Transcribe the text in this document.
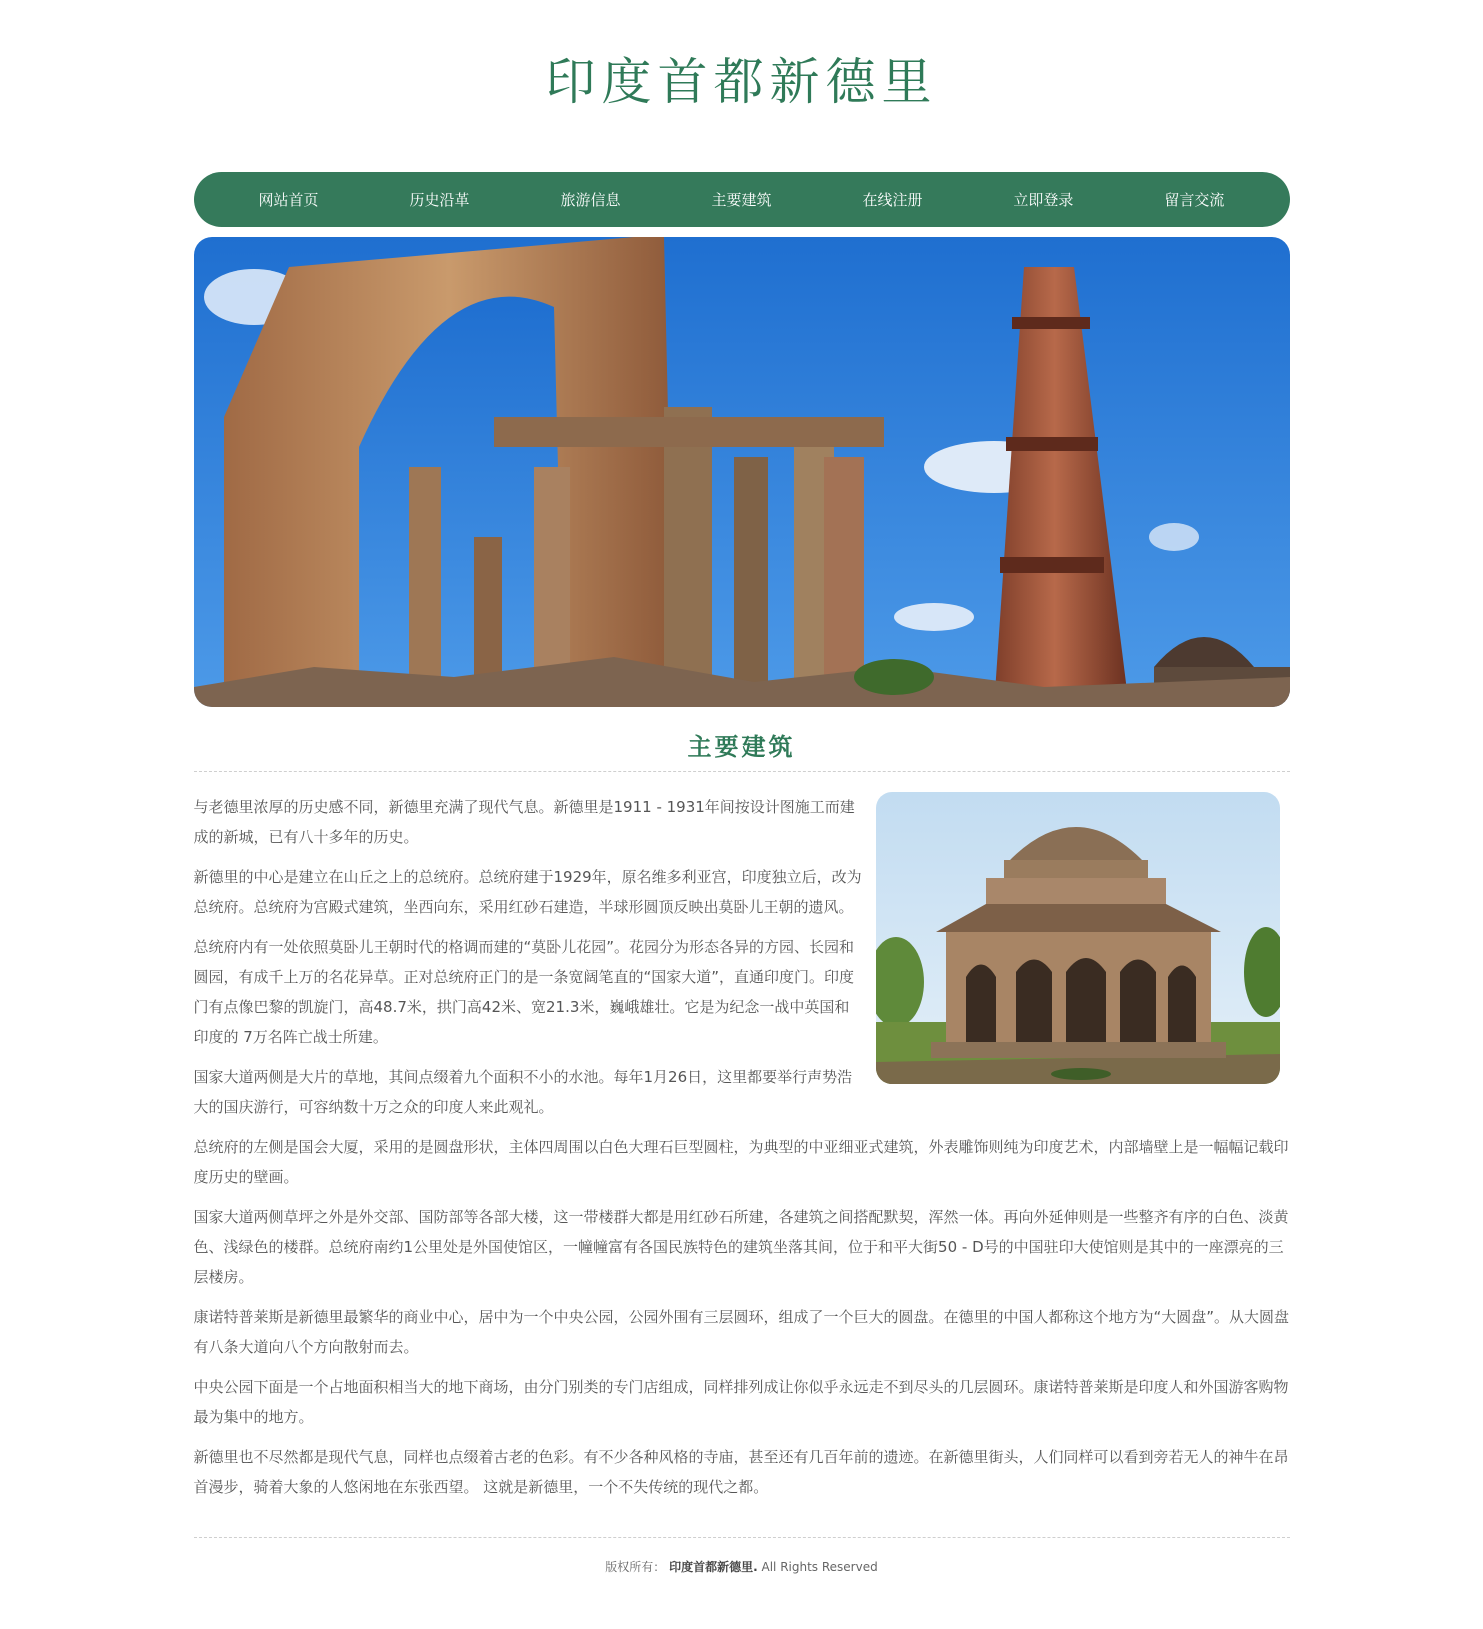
印度首都新德里
网站首页	历史沿革	旅游信息	主要建筑	在线注册	立即登录	留言交流
主要建筑

与老德里浓厚的历史感不同，新德里充满了现代气息。新德里是1911 - 1931年间按设计图施工而建成的新城，已有八十多年的历史。

新德里的中心是建立在山丘之上的总统府。总统府建于1929年，原名维多利亚宫，印度独立后，改为总统府。总统府为宫殿式建筑，坐西向东，采用红砂石建造，半球形圆顶反映出莫卧儿王朝的遗风。

总统府内有一处依照莫卧儿王朝时代的格调而建的“莫卧儿花园”。花园分为形态各异的方园、长园和圆园，有成千上万的名花异草。正对总统府正门的是一条宽阔笔直的“国家大道”，直通印度门。印度门有点像巴黎的凯旋门，高48.7米，拱门高42米、宽21.3米，巍峨雄壮。它是为纪念一战中英国和印度的 7万名阵亡战士所建。

国家大道两侧是大片的草地，其间点缀着九个面积不小的水池。每年1月26日，这里都要举行声势浩大的国庆游行，可容纳数十万之众的印度人来此观礼。

总统府的左侧是国会大厦，采用的是圆盘形状，主体四周围以白色大理石巨型圆柱，为典型的中亚细亚式建筑，外表雕饰则纯为印度艺术，内部墙壁上是一幅幅记载印度历史的壁画。

国家大道两侧草坪之外是外交部、国防部等各部大楼，这一带楼群大都是用红砂石所建，各建筑之间搭配默契，浑然一体。再向外延伸则是一些整齐有序的白色、淡黄色、浅绿色的楼群。总统府南约1公里处是外国使馆区，一幢幢富有各国民族特色的建筑坐落其间，位于和平大街50 - D号的中国驻印大使馆则是其中的一座漂亮的三层楼房。

康诺特普莱斯是新德里最繁华的商业中心，居中为一个中央公园，公园外围有三层圆环，组成了一个巨大的圆盘。在德里的中国人都称这个地方为“大圆盘”。从大圆盘有八条大道向八个方向散射而去。

中央公园下面是一个占地面积相当大的地下商场，由分门别类的专门店组成，同样排列成让你似乎永远走不到尽头的几层圆环。康诺特普莱斯是印度人和外国游客购物最为集中的地方。

新德里也不尽然都是现代气息，同样也点缀着古老的色彩。有不少各种风格的寺庙，甚至还有几百年前的遗迹。在新德里街头，人们同样可以看到旁若无人的神牛在昂首漫步，骑着大象的人悠闲地在东张西望。 这就是新德里，一个不失传统的现代之都。

版权所有： 印度首都新德里. All Rights Reserved
